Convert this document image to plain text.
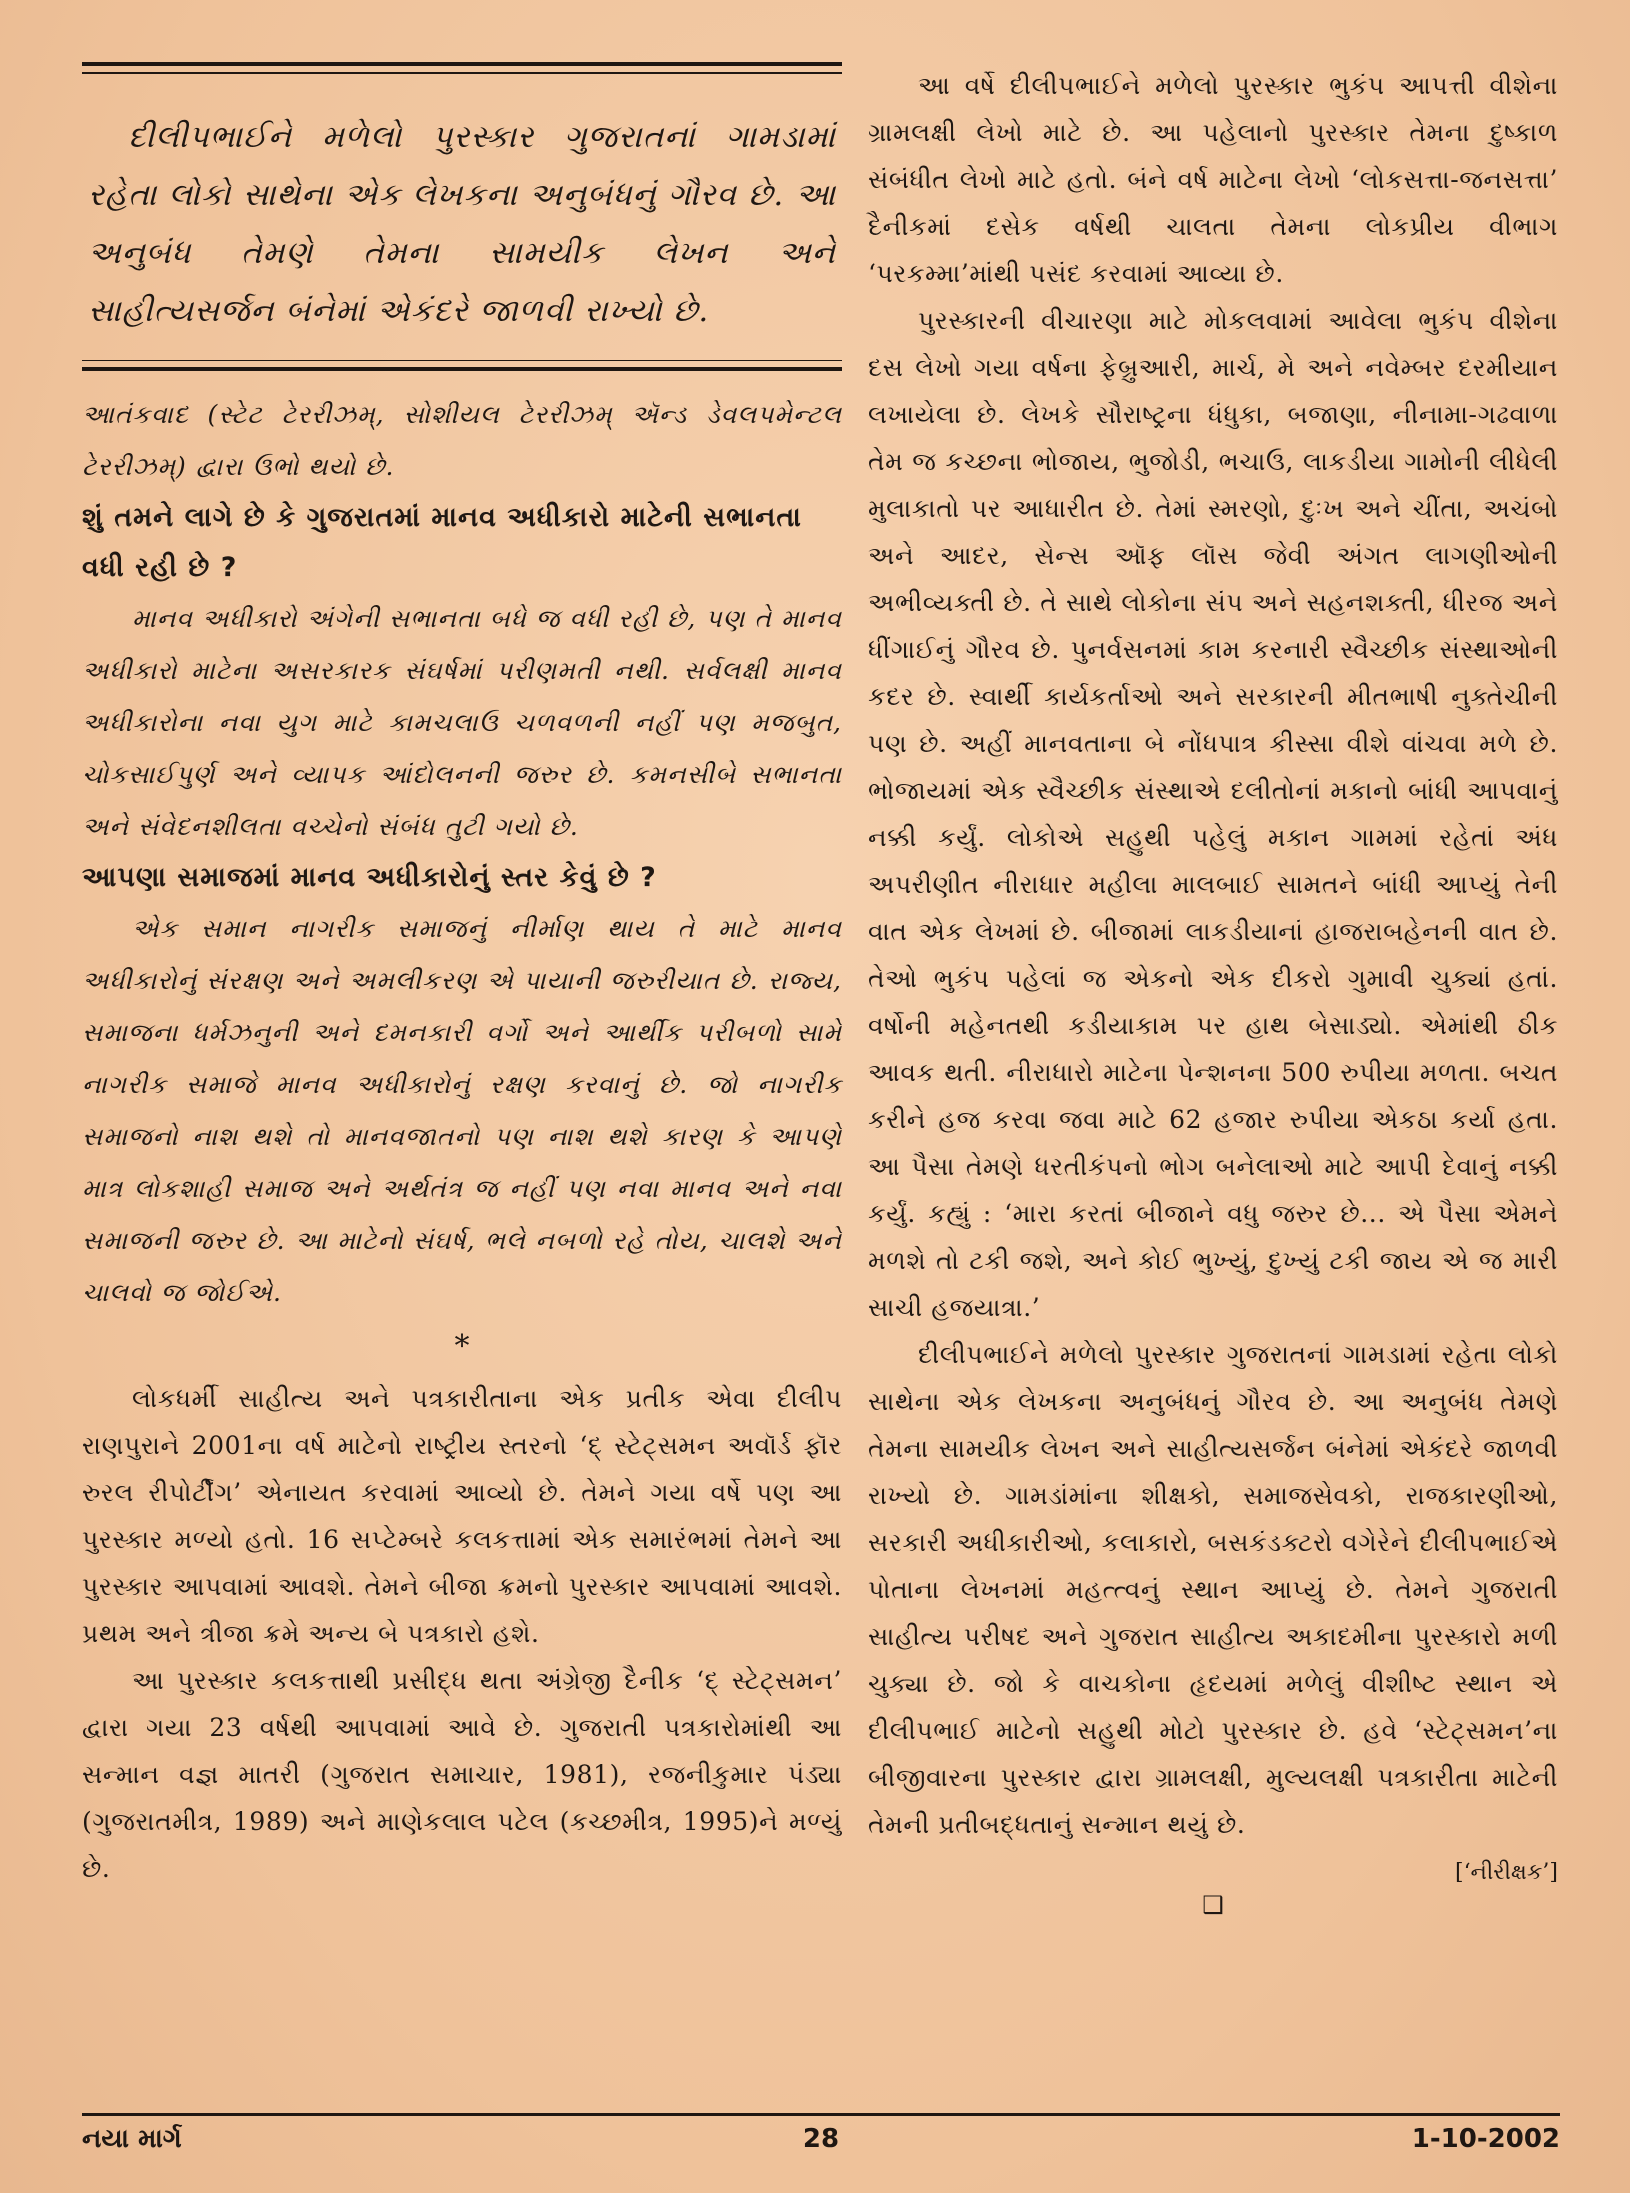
દીલીપભાઈને મળેલો પુરસ્કાર ગુજરાતનાં ગામડામાં રહેતા લોકો સાથેના એક લેખકના અનુબંધનું ગૌરવ છે. આ અનુબંધ તેમણે તેમના સામયીક લેખન અને સાહીત્યસર્જન બંનેમાં એકંદરે જાળવી રાખ્યો છે.

આતંકવાદ (સ્ટેટ ટેરરીઝમ્, સોશીયલ ટેરરીઝમ્ ઍન્ડ ડેવલપમેન્ટલ ટેરરીઝમ્) દ્વારા ઉભો થયો છે.

શું તમને લાગે છે કે ગુજરાતમાં માનવ અધીકારો માટેની સભાનતા વધી રહી છે ?

માનવ અધીકારો અંગેની સભાનતા બધે જ વધી રહી છે, પણ તે માનવ અધીકારો માટેના અસરકારક સંઘર્ષમાં પરીણમતી નથી. સર્વલક્ષી માનવ અધીકારોના નવા યુગ માટે કામચલાઉ ચળવળની નહીં પણ મજબુત, ચોકસાઈપુર્ણ અને વ્યાપક આંદોલનની જરુર છે. કમનસીબે સભાનતા અને સંવેદનશીલતા વચ્ચેનો સંબંધ તુટી ગયો છે.

આપણા સમાજમાં માનવ અધીકારોનું સ્તર કેવું છે ?

એક સમાન નાગરીક સમાજનું નીર્માણ થાય તે માટે માનવ અધીકારોનું સંરક્ષણ અને અમલીકરણ એ પાયાની જરુરીયાત છે. રાજ્ય, સમાજના ધર્મઝનુની અને દમનકારી વર્ગો અને આર્થીક પરીબળો સામે નાગરીક સમાજે માનવ અધીકારોનું રક્ષણ કરવાનું છે. જો નાગરીક સમાજનો નાશ થશે તો માનવજાતનો પણ નાશ થશે કારણ કે આપણે માત્ર લોકશાહી સમાજ અને અર્થતંત્ર જ નહીં પણ નવા માનવ અને નવા સમાજની જરુર છે. આ માટેનો સંઘર્ષ, ભલે નબળો રહે તોય, ચાલશે અને ચાલવો જ જોઈએ.

*

લોકધર્મી સાહીત્ય અને પત્રકારીતાના એક પ્રતીક એવા દીલીપ રાણપુરાને 2001ના વર્ષ માટેનો રાષ્ટ્રીય સ્તરનો ‘દ્ સ્ટેટ્સમન અવૉર્ડ ફૉર રુરલ રીપોર્ટીંગ’ એનાયત કરવામાં આવ્યો છે. તેમને ગયા વર્ષે પણ આ પુરસ્કાર મળ્યો હતો. 16 સપ્ટેમ્બરે કલકત્તામાં એક સમારંભમાં તેમને આ પુરસ્કાર આપવામાં આવશે. તેમને બીજા ક્રમનો પુરસ્કાર આપવામાં આવશે. પ્રથમ અને ત્રીજા ક્રમે અન્ય બે પત્રકારો હશે.

આ પુરસ્કાર કલકત્તાથી પ્રસીદ્ધ થતા અંગ્રેજી દૈનીક ‘દ્ સ્ટેટ્સમન’ દ્વારા ગયા 23 વર્ષથી આપવામાં આવે છે. ગુજરાતી પત્રકારોમાંથી આ સન્માન વજ્ઞ માતરી (ગુજરાત સમાચાર, 1981), રજનીકુમાર પંડ્યા (ગુજરાતમીત્ર, 1989) અને માણેકલાલ પટેલ (કચ્છમીત્ર, 1995)ને મળ્યું છે.

આ વર્ષે દીલીપભાઈને મળેલો પુરસ્કાર ભુકંપ આપત્તી વીશેના ગ્રામલક્ષી લેખો માટે છે. આ પહેલાનો પુરસ્કાર તેમના દુષ્કાળ સંબંધીત લેખો માટે હતો. બંને વર્ષ માટેના લેખો ‘લોકસત્તા-જનસત્તા’ દૈનીકમાં દસેક વર્ષથી ચાલતા તેમના લોકપ્રીય વીભાગ ‘પરકમ્મા’માંથી પસંદ કરવામાં આવ્યા છે.

પુરસ્કારની વીચારણા માટે મોકલવામાં આવેલા ભુકંપ વીશેના દસ લેખો ગયા વર્ષના ફેબ્રુઆરી, માર્ચ, મે અને નવેમ્બર દરમીયાન લખાયેલા છે. લેખકે સૌરાષ્ટ્રના ધંધુકા, બજાણા, નીનામા-ગઢવાળા તેમ જ કચ્છના ભોજાય, ભુજોડી, ભચાઉ, લાકડીયા ગામોની લીધેલી મુલાકાતો પર આધારીત છે. તેમાં સ્મરણો, દુઃખ અને ચીંતા, અચંબો અને આદર, સેન્સ ઑફ લૉસ જેવી અંગત લાગણીઓની અભીવ્યક્તી છે. તે સાથે લોકોના સંપ અને સહનશક્તી, ધીરજ અને ધીંગાઈનું ગૌરવ છે. પુનર્વસનમાં કામ કરનારી સ્વૈચ્છીક સંસ્થાઓની કદર છે. સ્વાર્થી કાર્યકર્તાઓ અને સરકારની મીતભાષી નુક્તેચીની પણ છે. અહીં માનવતાના બે નોંધપાત્ર કીસ્સા વીશે વાંચવા મળે છે. ભોજાયમાં એક સ્વૈચ્છીક સંસ્થાએ દલીતોનાં મકાનો બાંધી આપવાનું નક્કી કર્યું. લોકોએ સહુથી પહેલું મકાન ગામમાં રહેતાં અંધ અપરીણીત નીરાધાર મહીલા માલબાઈ સામતને બાંધી આપ્યું તેની વાત એક લેખમાં છે. બીજામાં લાકડીયાનાં હાજરાબહેનની વાત છે. તેઓ ભુકંપ પહેલાં જ એકનો એક દીકરો ગુમાવી ચુક્યાં હતાં. વર્ષોની મહેનતથી કડીયાકામ પર હાથ બેસાડ્યો. એમાંથી ઠીક આવક થતી. નીરાધારો માટેના પેન્શનના 500 રુપીયા મળતા. બચત કરીને હજ કરવા જવા માટે 62 હજાર રુપીયા એકઠા કર્યા હતા. આ પૈસા તેમણે ધરતીકંપનો ભોગ બનેલાઓ માટે આપી દેવાનું નક્કી કર્યું. કહ્યું : ‘મારા કરતાં બીજાને વધુ જરુર છે... એ પૈસા એમને મળશે તો ટકી જશે, અને કોઈ ભુખ્યું, દુખ્યું ટકી જાય એ જ મારી સાચી હજયાત્રા.’

દીલીપભાઈને મળેલો પુરસ્કાર ગુજરાતનાં ગામડામાં રહેતા લોકો સાથેના એક લેખકના અનુબંધનું ગૌરવ છે. આ અનુબંધ તેમણે તેમના સામયીક લેખન અને સાહીત્યસર્જન બંનેમાં એકંદરે જાળવી રાખ્યો છે. ગામડાંમાંના શીક્ષકો, સમાજસેવકો, રાજકારણીઓ, સરકારી અધીકારીઓ, કલાકારો, બસકંડક્ટરો વગેરેને દીલીપભાઈએ પોતાના લેખનમાં મહત્ત્વનું સ્થાન આપ્યું છે. તેમને ગુજરાતી સાહીત્ય પરીષદ અને ગુજરાત સાહીત્ય અકાદમીના પુરસ્કારો મળી ચુક્યા છે. જો કે વાચકોના હૃદયમાં મળેલું વીશીષ્ટ સ્થાન એ દીલીપભાઈ માટેનો સહુથી મોટો પુરસ્કાર છે. હવે ‘સ્ટેટ્સમન’ના બીજીવારના પુરસ્કાર દ્વારા ગ્રામલક્ષી, મુલ્યલક્ષી પત્રકારીતા માટેની તેમની પ્રતીબદ્ધતાનું સન્માન થયું છે.

[‘નીરીક્ષક’]
❑
નયા માર્ગ	28	1-10-2002
